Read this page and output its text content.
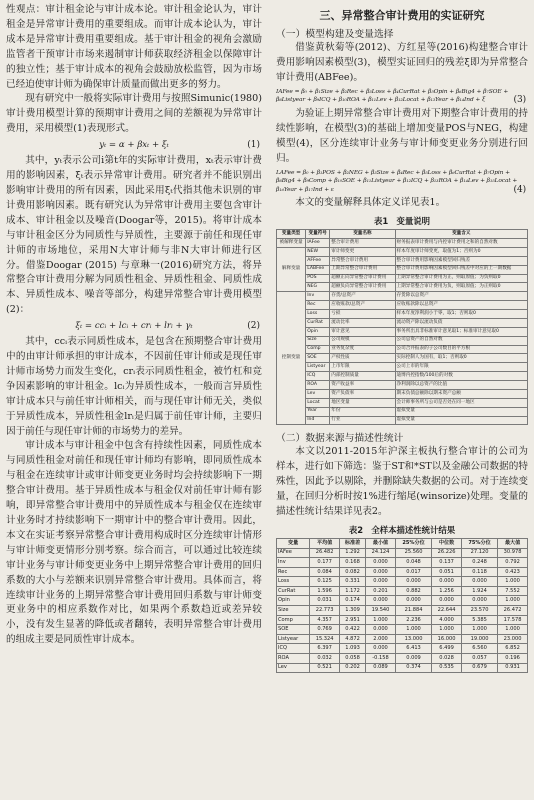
性观点：审计租金论与审计成本论。审计租金论认为，审计租金是异常审计费用的重要组成。而审计成本论认为，审计成本是异常审计费用重要组成。基于审计租金的视角会激励监管者干预审计市场来遏制审计师获取经济租金以保障审计的独立性；基于审计成本的视角会鼓励放松监管，因为市场已经迫使审计师为确保审计质量而做出更多的努力。

现有研究中一般将实际审计费用与按照Simunic(1980)审计费用模型计算的预期审计费用之间的差额视为异常审计费用，采用模型(1)表现形式。

yₜ = α + βxₜ + ξₜ	(1)

其中，yₜ表示公司i第t年的实际审计费用，xₜ表示审计费用的影响因素，ξₜ表示异常审计费用。研究者并不能识别出影响审计费用的所有因素，因此采用ξₜ代指其他未识别的审计费用影响因素。既有研究认为异常审计费用主要包含审计成本、审计租金以及噪音(Doogar等，2015)。将审计成本与审计租金区分为同质性与异质性，主要源于前任和现任审计师的市场地位，采用N大审计师与非N大审计师进行区分。借鉴Doogar (2015) 与章琳一(2016)研究方法，将异常整合审计费用分解为同质性租金、异质性租金、同质性成本、异质性成本、噪音等部分，构建异常整合审计费用模型(2)：

ξₜ = ccᵢ + lcᵢ + crᵢ + lrᵢ + γₜ	(2)

其中，ccᵢ表示同质性成本，是包含在预期整合审计费用中的由审计师承担的审计成本，不因前任审计师或是现任审计师市场势力而发生变化，crᵢ表示同质性租金，被竹杠和竞争因素影响的审计租金。lcᵢ为异质性成本，一般而言异质性审计成本只与前任审计师相关，而与现任审计师无关，类似于异质性成本，异质性租金lrᵢ是归属于前任审计师，主要归因于前任与现任审计师的市场势力的差异。

审计成本与审计租金中包含有持续性因素，同质性成本与同质性租金对前任和现任审计师均有影响，即同质性成本与租金在连续审计或审计师变更业务时均会持续影响下一期整合审计费用。基于异质性成本与租金仅对前任审计师有影响，即异常整合审计费用中的异质性成本与租金仅在连续审计业务时才持续影响下一期审计中的整合审计费用。因此，本文在实证考察异常整合审计费用构成时区分连续审计情形与审计师变更情形分别考察。综合而言，可以通过比较连续审计业务与审计师变更业务中上期异常整合审计费用的回归系数的大小与差额来识别异常整合审计费用。具体而言，将连续审计业务的上期异常整合审计费用回归系数与审计师变更业务中的相应系数作对比，如果两个系数趋近或差异较小，没有发生显著的降低或者翻转，表明异常整合审计费用的组成主要是同质性审计成本。

三、异常整合审计费用的实证研究
（一）模型构建及变量选择

借鉴黄秋菊等(2012)、方红星等(2016)构建整合审计费用影响因素模型(3)，模型实证回归的残差ξ即为异常整合审计费用(ABFee)。

IAFee = β₀ + β₁Size + β₂Rec + β₃Loss + β₄CurRat + β₅Opin + β₆Big4 + β₇SOE + β₈Listyear + β₉ICQ + β₁₀ROA + β₁₁Lev + β₁₂Locat + β₁₃Year + β₁₄Ind + ξ	(3)

为验证上期异常整合审计费用对下期整合审计费用的持续性影响，在模型(3)的基础上增加变量POS与NEG，构建模型(4)，区分连续审计业务与审计师变更业务分别进行回归。

LAFee = β₀ + β₁POS + β₂NEG + β₃Size + β₄Rec + β₅Loss + β₆CurRat + β₇Opin + β₈Big4 + β₉Comp + β₁₀SOE + β₁₁Listyear + β₁₂ICQ + β₁₃ROA + β₁₄Lev + β₁₅Locat + β₁₆Year + β₁₇Ind + ε	(4)

本文的变量解释具体定义详见表1。

表1　变量说明
变量类型	变量符号	变量名称	变量含义
被解释变量	IAFee	整合审计费用	财务报表审计费用与内控审计费用之和的自然对数
解释变量	NEW	审计师变更	样本年度审计师变更，取值为1；否则为0
	AFFee	异常整合审计费用	整合审计费用影响因素模型回归残差
	LABFee	上期异常整合审计费用	整合审计费用影响因素模型回归残差中对应的上一期数据
	POS	超额正向异常整合审计费用	上期异常整合审计费用为正，则取原值；为负则取0
	NEG	超额负向异常整合审计费用	上期异常整合审计费用为负，则取原值；为正则取0
控制变量	Inv	存货/总资产	存货除以总资产
	Rec	应收账款/总资产	应收账款除以总资产
	Loss	亏损	样本年度净利润小于零，取1；否则取0
	CurRat	流动比率	流动资产除以流动负债
	Opin	审计意见	事务所出具非标准审计意见取1；标准审计意见取0
	Size	公司规模	公司总资产的自然对数
	Comp	业务复杂度	公司合并报表的子公司数目的平方根
	SOE	产权性质	实际控制人为国有，取1；否则取0
	Listyear	上市年限	公司上市的年限
	ICQ	内部控制质量	迪博内控指数/100后的对数
	ROA	资产收益率	净利润除以总资产的比值
	Lev	资产负债率	期末负债总额除以期末资产总额
	Locat	地区变量	会计师事务所与公司是否处在同一地区
	Year	年份	虚拟变量
	Ind	行业	虚拟变量
（二）数据来源与描述性统计

本文以2011-2015年沪深主板执行整合审计的公司为样本，进行如下筛选：鉴于ST和*ST以及金融公司数据的特殊性，因此予以剔除，并删除缺失数据的公司。对于连续变量，在回归分析时按1%进行缩尾(winsorize)处理。变量的描述性统计结果详见表2。

表2　全样本描述性统计结果
变量	平均值	标准差	最小值	25%分位	中位数	75%分位	最大值
IAFee	26.482	1.292	24.124	25.560	26.226	27.120	30.978
Inv	0.177	0.168	0.000	0.048	0.137	0.248	0.792
Rec	0.084	0.082	0.000	0.017	0.051	0.118	0.423
Loss	0.125	0.331	0.000	0.000	0.000	0.000	1.000
CurRat	1.596	1.172	0.201	0.882	1.256	1.924	7.552
Opin	0.031	0.174	0.000	0.000	0.000	0.000	1.000
Size	22.773	1.309	19.540	21.884	22.644	23.570	26.472
Comp	4.357	2.951	1.000	2.236	4.000	5.385	17.578
SOE	0.769	0.422	0.000	1.000	1.000	1.000	1.000
Listyear	15.324	4.872	2.000	13.000	16.000	19.000	23.000
ICQ	6.397	1.093	0.000	6.413	6.499	6.560	6.852
ROA	0.032	0.058	-0.158	0.009	0.028	0.057	0.196
Lev	0.521	0.202	0.089	0.374	0.535	0.679	0.931
